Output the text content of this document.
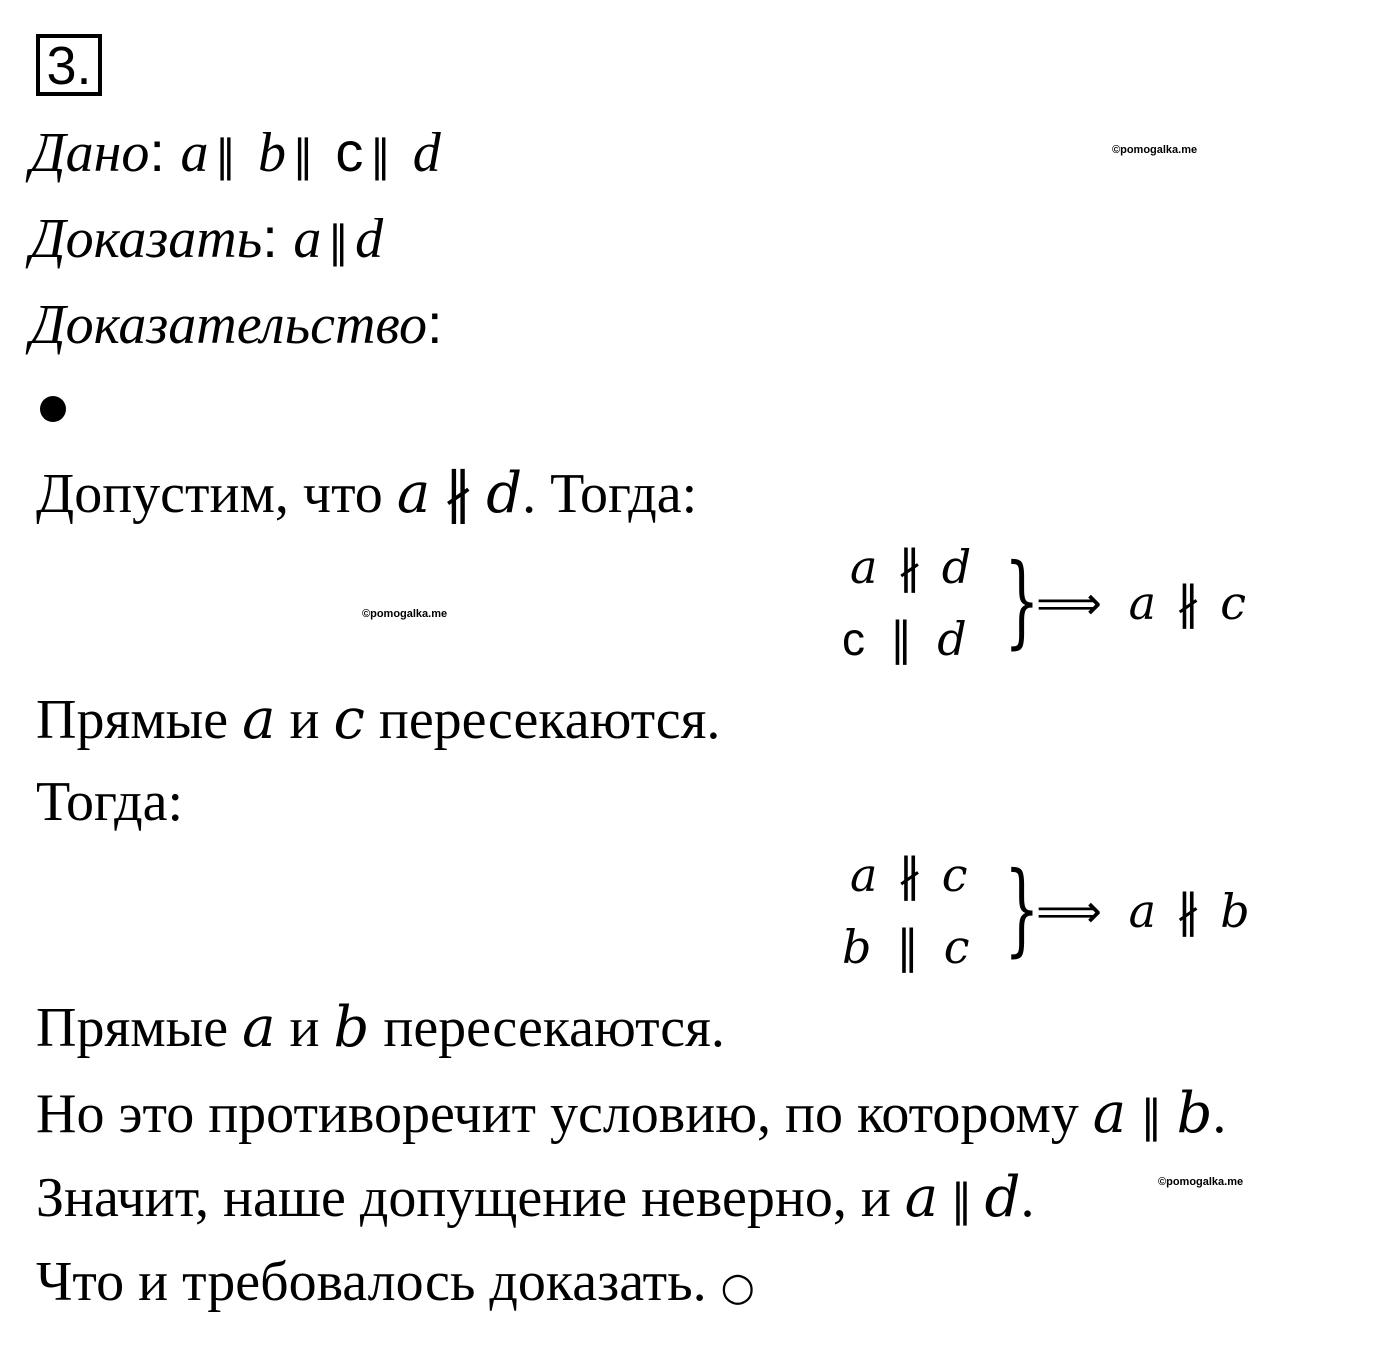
3.
Дано: a ∥ b ∥ c ∥ d	©pomogalka.me
Доказать: a ∥ d
Доказательство:
Допустим, что a ∦ d. Тогда:
a ∦ d
c ∥ d }
⟹ a ∦ c
©pomogalka.me
Прямые a и c пересекаются.
Тогда:
a ∦ c
b ∥ c }
⟹ a ∦ b
Прямые a и b пересекаются.
Но это противоречит условию, по которому a ∥ b.
Значит, наше допущение неверно, и a ∥ d.	©pomogalka.me
Что и требовалось доказать. ○
